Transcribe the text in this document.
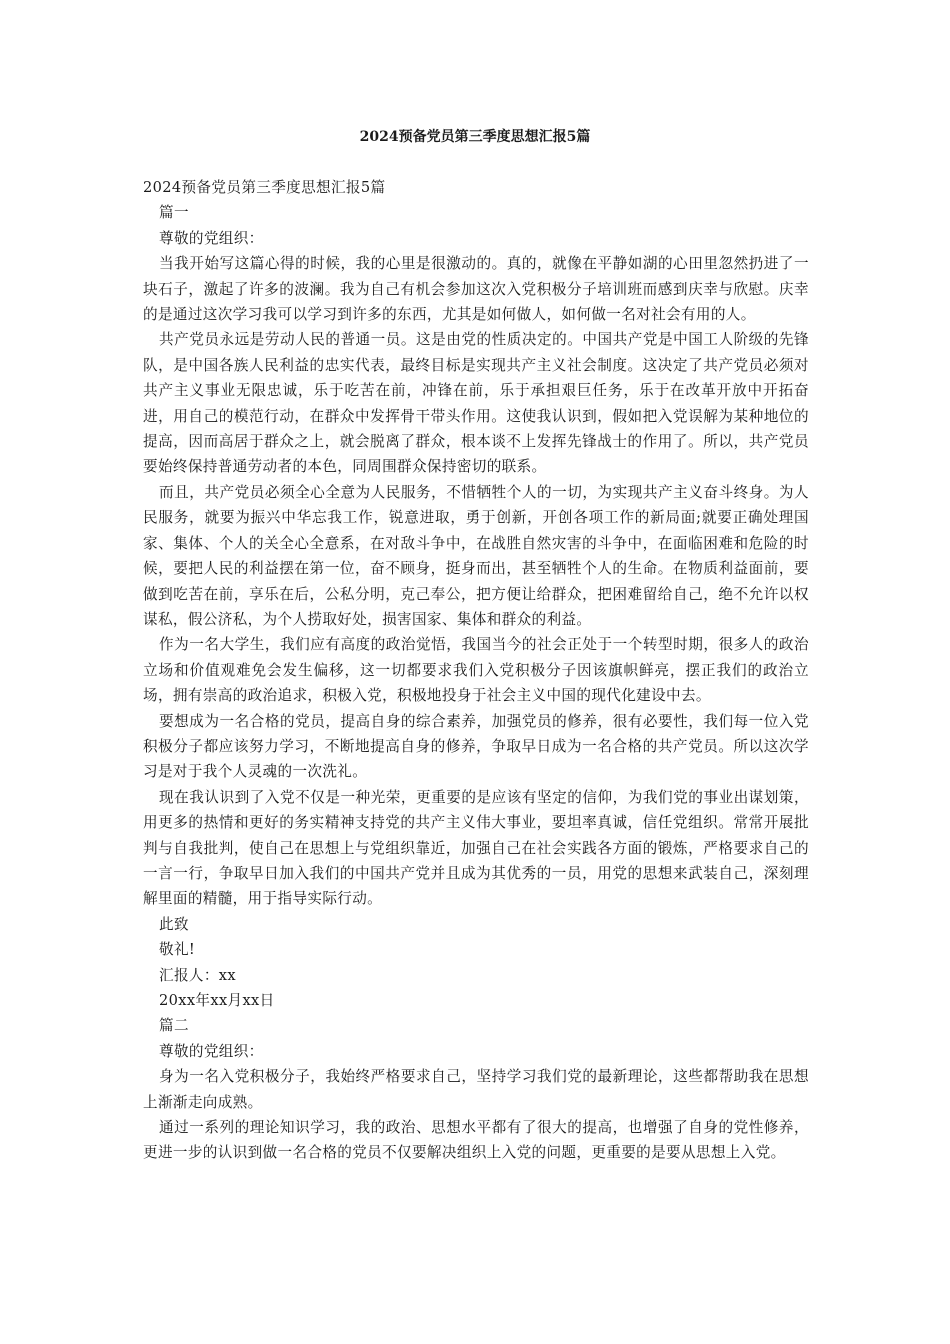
2024预备党员第三季度思想汇报5篇

2024预备党员第三季度思想汇报5篇

篇一

尊敬的党组织：

当我开始写这篇心得的时候，我的心里是很激动的。真的，就像在平静如湖的心田里忽然扔进了一块石子，激起了许多的波澜。我为自己有机会参加这次入党积极分子培训班而感到庆幸与欣慰。庆幸的是通过这次学习我可以学习到许多的东西，尤其是如何做人，如何做一名对社会有用的人。

共产党员永远是劳动人民的普通一员。这是由党的性质决定的。中国共产党是中国工人阶级的先锋队，是中国各族人民利益的忠实代表，最终目标是实现共产主义社会制度。这决定了共产党员必须对共产主义事业无限忠诚，乐于吃苦在前，冲锋在前，乐于承担艰巨任务，乐于在改革开放中开拓奋进，用自己的模范行动，在群众中发挥骨干带头作用。这使我认识到，假如把入党误解为某种地位的提高，因而高居于群众之上，就会脱离了群众，根本谈不上发挥先锋战士的作用了。所以，共产党员要始终保持普通劳动者的本色，同周围群众保持密切的联系。

而且，共产党员必须全心全意为人民服务，不惜牺牲个人的一切，为实现共产主义奋斗终身。为人民服务，就要为振兴中华忘我工作，锐意进取，勇于创新，开创各项工作的新局面;就要正确处理国家、集体、个人的关全心全意系，在对敌斗争中，在战胜自然灾害的斗争中，在面临困难和危险的时候，要把人民的利益摆在第一位，奋不顾身，挺身而出，甚至牺牲个人的生命。在物质利益面前，要做到吃苦在前，享乐在后，公私分明，克己奉公，把方便让给群众，把困难留给自己，绝不允许以权谋私，假公济私，为个人捞取好处，损害国家、集体和群众的利益。

作为一名大学生，我们应有高度的政治觉悟，我国当今的社会正处于一个转型时期，很多人的政治立场和价值观难免会发生偏移，这一切都要求我们入党积极分子因该旗帜鲜亮，摆正我们的政治立场，拥有崇高的政治追求，积极入党，积极地投身于社会主义中国的现代化建设中去。

要想成为一名合格的党员，提高自身的综合素养，加强党员的修养，很有必要性，我们每一位入党积极分子都应该努力学习，不断地提高自身的修养，争取早日成为一名合格的共产党员。所以这次学习是对于我个人灵魂的一次洗礼。

现在我认识到了入党不仅是一种光荣，更重要的是应该有坚定的信仰，为我们党的事业出谋划策，用更多的热情和更好的务实精神支持党的共产主义伟大事业，要坦率真诚，信任党组织。常常开展批判与自我批判，使自己在思想上与党组织靠近，加强自己在社会实践各方面的锻炼，严格要求自己的一言一行，争取早日加入我们的中国共产党并且成为其优秀的一员，用党的思想来武装自己，深刻理解里面的精髓，用于指导实际行动。

此致

敬礼!

汇报人：xx

20xx年xx月xx日

篇二

尊敬的党组织：

身为一名入党积极分子，我始终严格要求自己，坚持学习我们党的最新理论，这些都帮助我在思想上渐渐走向成熟。

通过一系列的理论知识学习，我的政治、思想水平都有了很大的提高，也增强了自身的党性修养，更进一步的认识到做一名合格的党员不仅要解决组织上入党的问题，更重要的是要从思想上入党。
